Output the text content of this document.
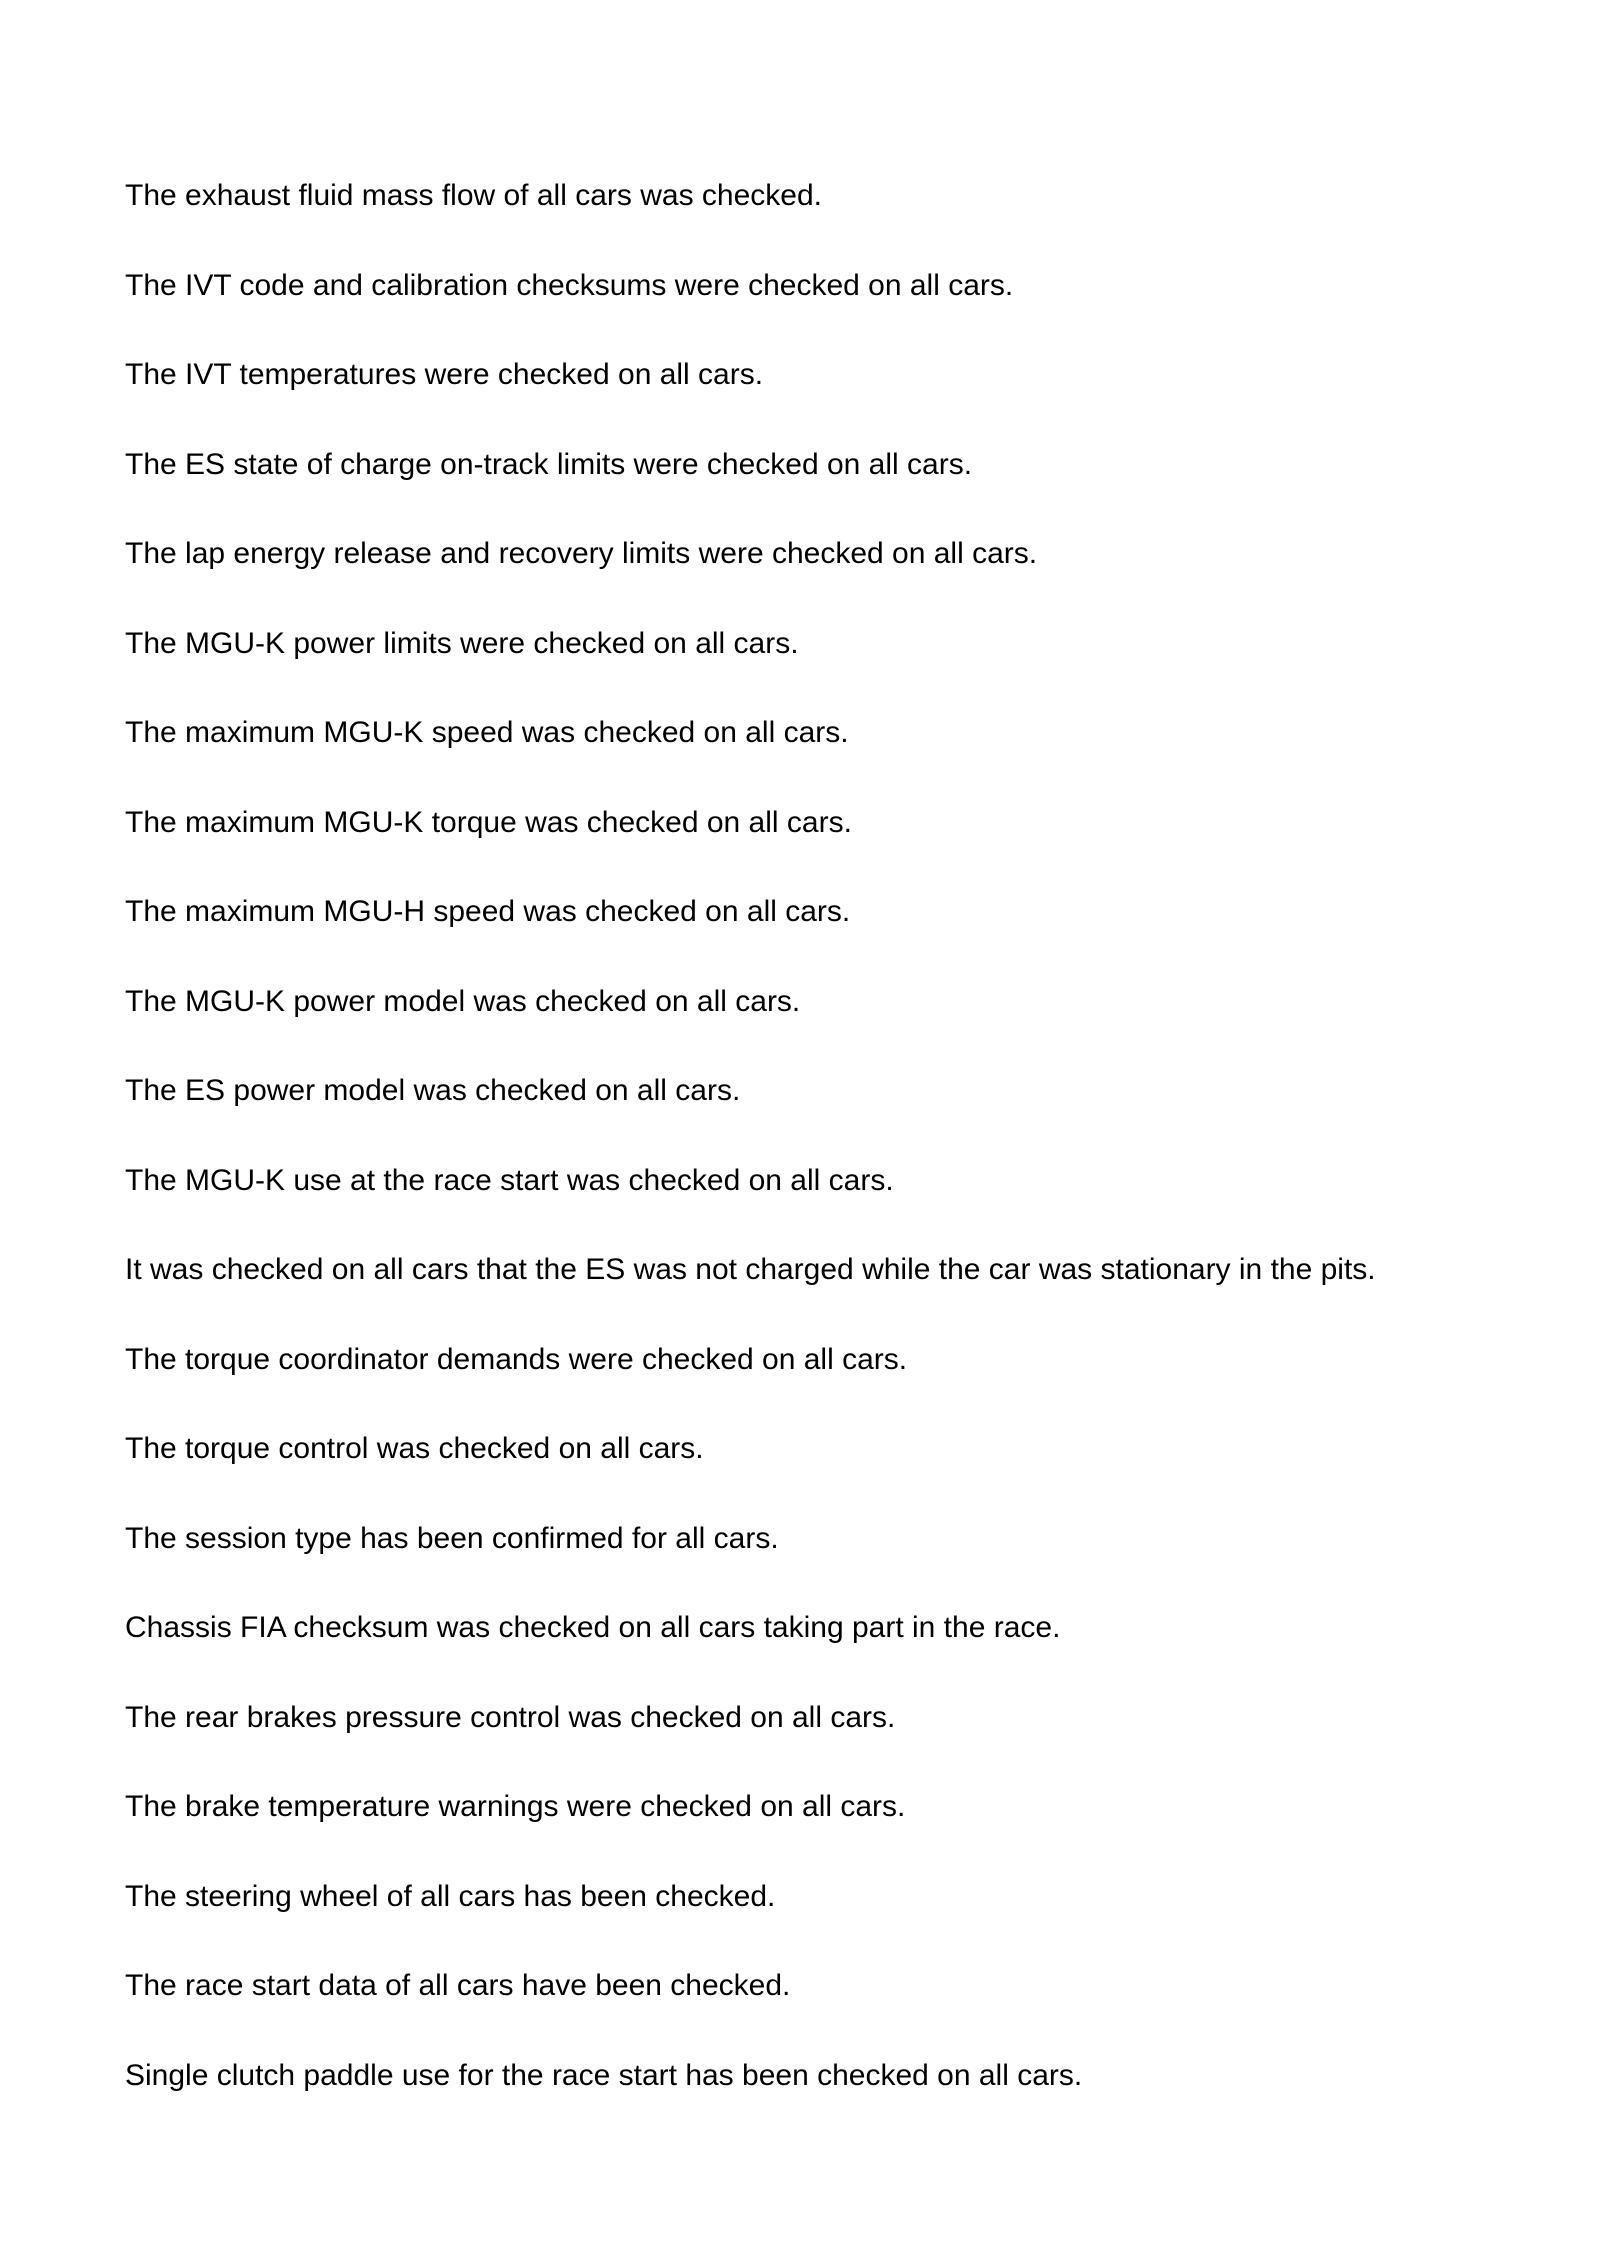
The exhaust fluid mass flow of all cars was checked.
The IVT code and calibration checksums were checked on all cars.
The IVT temperatures were checked on all cars.
The ES state of charge on-track limits were checked on all cars.
The lap energy release and recovery limits were checked on all cars.
The MGU-K power limits were checked on all cars.
The maximum MGU-K speed was checked on all cars.
The maximum MGU-K torque was checked on all cars.
The maximum MGU-H speed was checked on all cars.
The MGU-K power model was checked on all cars.
The ES power model was checked on all cars.
The MGU-K use at the race start was checked on all cars.
It was checked on all cars that the ES was not charged while the car was stationary in the pits.
The torque coordinator demands were checked on all cars.
The torque control was checked on all cars.
The session type has been confirmed for all cars.
Chassis FIA checksum was checked on all cars taking part in the race.
The rear brakes pressure control was checked on all cars.
The brake temperature warnings were checked on all cars.
The steering wheel of all cars has been checked.
The race start data of all cars have been checked.
Single clutch paddle use for the race start has been checked on all cars.
